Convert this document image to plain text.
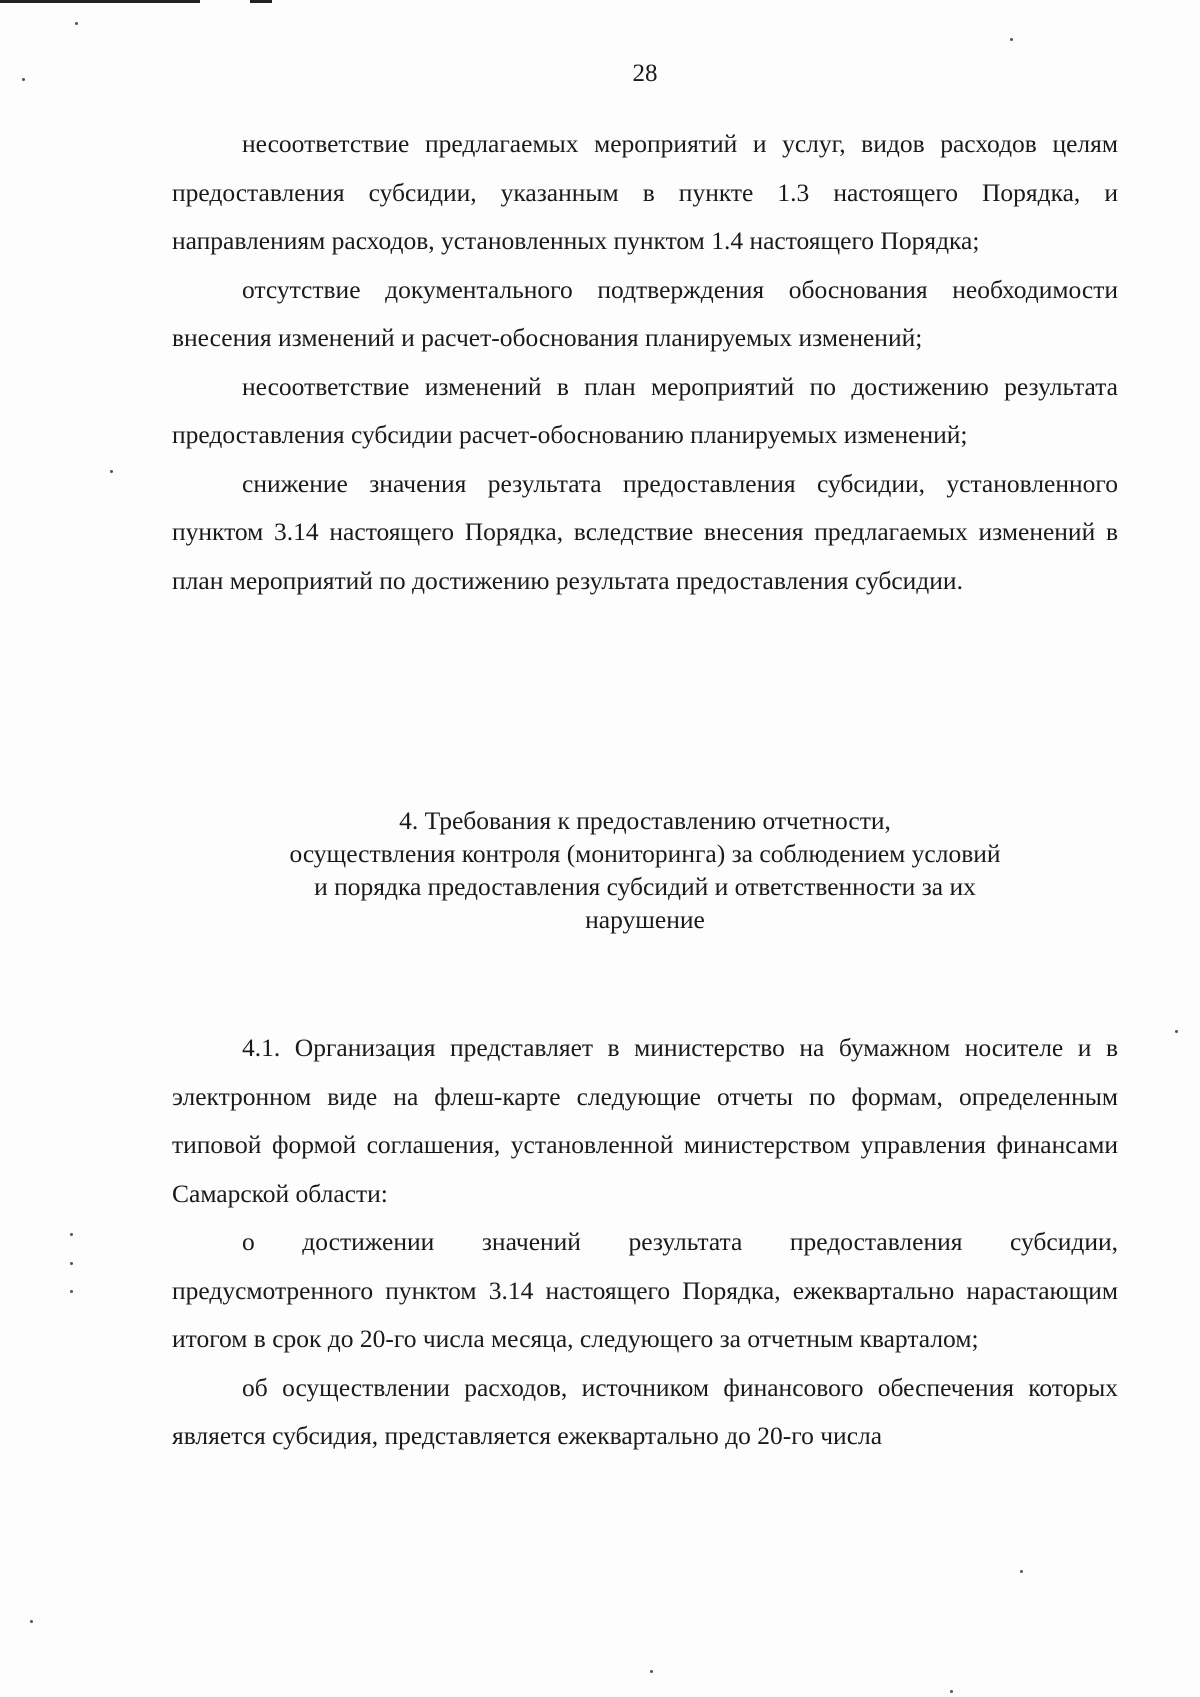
28

несоответствие предлагаемых мероприятий и услуг, видов расходов целям предоставления субсидии, указанным в пункте 1.3 настоящего Порядка, и направлениям расходов, установленных пунктом 1.4 настоящего Порядка;

отсутствие документального подтверждения обоснования необходимости внесения изменений и расчет-обоснования планируемых изменений;

несоответствие изменений в план мероприятий по достижению результата предоставления субсидии расчет-обоснованию планируемых изменений;

снижение значения результата предоставления субсидии, установленного пунктом 3.14 настоящего Порядка, вследствие внесения предлагаемых изменений в план мероприятий по достижению результата предоставления субсидии.

4. Требования к предоставлению отчетности,
осуществления контроля (мониторинга) за соблюдением условий
и порядка предоставления субсидий и ответственности за их
нарушение

4.1. Организация представляет в министерство на бумажном носителе и в электронном виде на флеш-карте следующие отчеты по формам, определенным типовой формой соглашения, установленной министерством управления финансами Самарской области:

о достижении значений результата предоставления субсидии, предусмотренного пунктом 3.14 настоящего Порядка, ежеквартально нарастающим итогом в срок до 20-го числа месяца, следующего за отчетным кварталом;

об осуществлении расходов, источником финансового обеспечения которых является субсидия, представляется ежеквартально до 20-го числа
